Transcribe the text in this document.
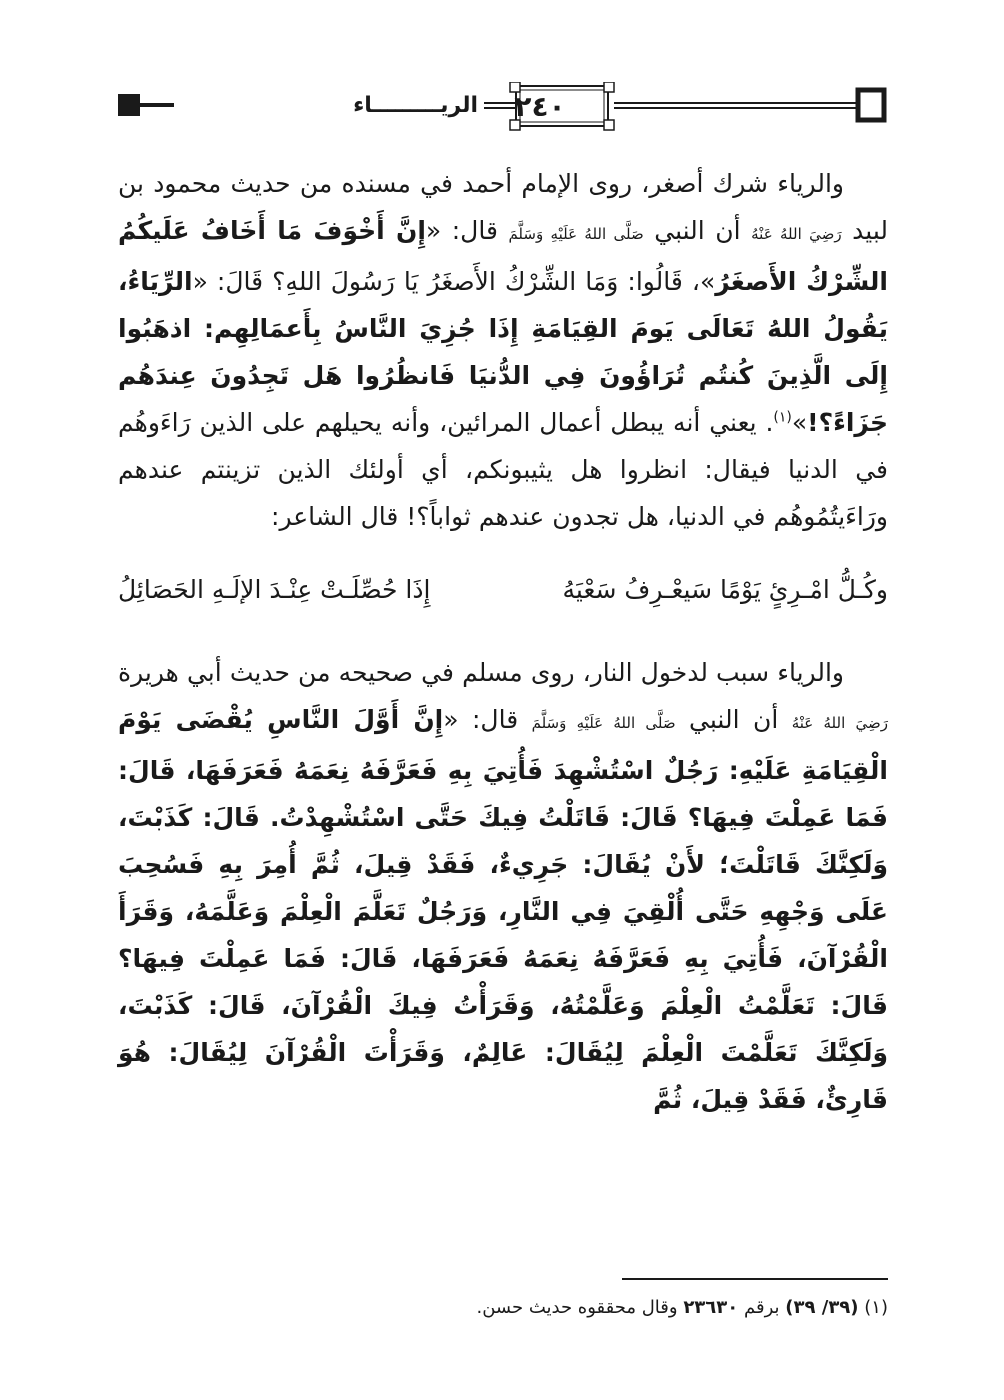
٢٤٠
الريـــــــــاء

والرياء شرك أصغر، روى الإمام أحمد في مسنده من حديث محمود بن لبيد رَضِيَ اللهُ عَنْهُ أن النبي صَلَّى اللهُ عَلَيْهِ وَسَلَّمَ قال: «إِنَّ أَخْوَفَ مَا أَخَافُ عَلَيكُمُ الشِّرْكُ الأَصغَرُ»، قَالُوا: وَمَا الشِّرْكُ الأَصغَرُ يَا رَسُولَ اللهِ؟ قَالَ: «الرِّيَاءُ، يَقُولُ اللهُ تَعَالَى يَومَ القِيَامَةِ إِذَا جُزِيَ النَّاسُ بِأَعمَالِهِم: اذهَبُوا إِلَى الَّذِينَ كُنتُم تُرَاؤُونَ فِي الدُّنيَا فَانظُرُوا هَل تَجِدُونَ عِندَهُم جَزَاءً؟!»$^{(١)}$. يعني أنه يبطل أعمال المرائين، وأنه يحيلهم على الذين رَاءَوهُم في الدنيا فيقال: انظروا هل يثيبونكم، أي أولئك الذين تزينتم عندهم ورَاءَيتُمُوهُم في الدنيا، هل تجدون عندهم ثواباً؟! قال الشاعر:

وكُـلُّ امْـرِئٍ يَوْمًا سَيعْـرِفُ سَعْيَهُ
إِذَا حُصِّلَـتْ عِنْـدَ الإلَـهِ الحَصَائِلُ

والرياء سبب لدخول النار، روى مسلم في صحيحه من حديث أبي هريرة رَضِيَ اللهُ عَنْهُ أن النبي صَلَّى اللهُ عَلَيْهِ وَسَلَّمَ قال: «إِنَّ أَوَّلَ النَّاسِ يُقْضَى يَوْمَ الْقِيَامَةِ عَلَيْهِ: رَجُلٌ اسْتُشْهِدَ فَأُتِيَ بِهِ فَعَرَّفَهُ نِعَمَهُ فَعَرَفَهَا، قَالَ: فَمَا عَمِلْتَ فِيهَا؟ قَالَ: قَاتَلْتُ فِيكَ حَتَّى اسْتُشْهِدْتُ. قَالَ: كَذَبْتَ، وَلَكِنَّكَ قَاتَلْتَ؛ لأَنْ يُقَالَ: جَرِيءٌ، فَقَدْ قِيلَ، ثُمَّ أُمِرَ بِهِ فَسُحِبَ عَلَى وَجْهِهِ حَتَّى أُلْقِيَ فِي النَّارِ، وَرَجُلٌ تَعَلَّمَ الْعِلْمَ وَعَلَّمَهُ، وَقَرَأَ الْقُرْآنَ، فَأُتِيَ بِهِ فَعَرَّفَهُ نِعَمَهُ فَعَرَفَهَا، قَالَ: فَمَا عَمِلْتَ فِيهَا؟ قَالَ: تَعَلَّمْتُ الْعِلْمَ وَعَلَّمْتُهُ، وَقَرَأْتُ فِيكَ الْقُرْآنَ، قَالَ: كَذَبْتَ، وَلَكِنَّكَ تَعَلَّمْتَ الْعِلْمَ لِيُقَالَ: عَالِمٌ، وَقَرَأْتَ الْقُرْآنَ لِيُقَالَ: هُوَ قَارِئٌ، فَقَدْ قِيلَ، ثُمَّ

(١) (٣٩/ ٣٩) برقم ٢٣٦٣٠ وقال محققوه حديث حسن.
